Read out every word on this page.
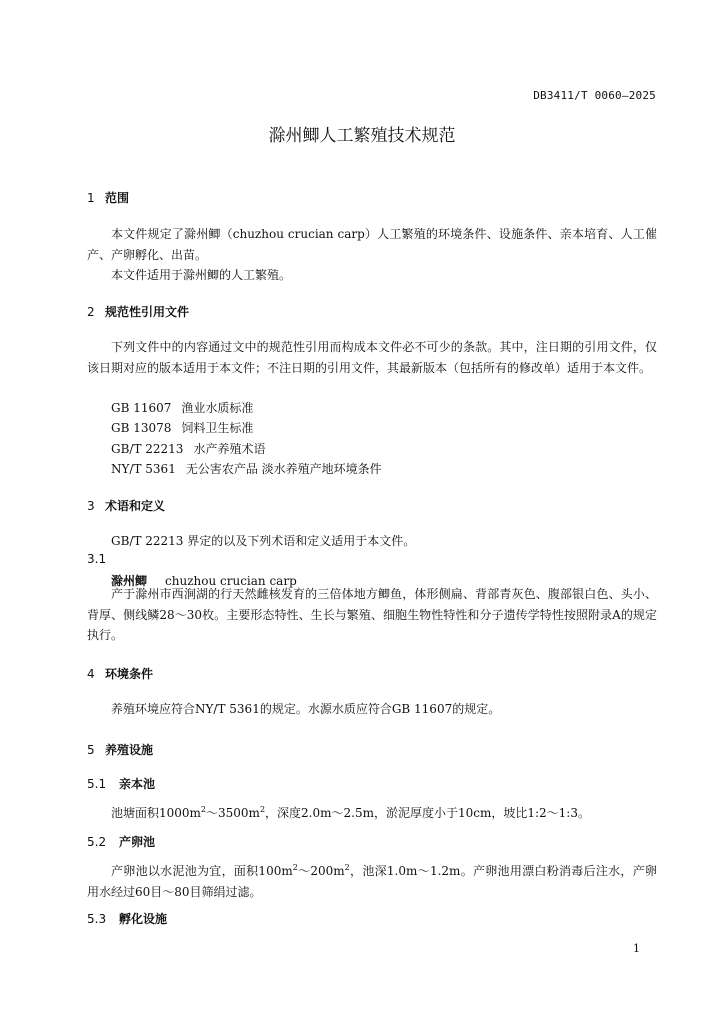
DB3411/T 0060—2025
滁州鲫人工繁殖技术规范
1 范围
本文件规定了滁州鲫（chuzhou crucian carp）人工繁殖的环境条件、设施条件、亲本培育、人工催产、产卵孵化、出苗。
本文件适用于滁州鲫的人工繁殖。
2 规范性引用文件
下列文件中的内容通过文中的规范性引用而构成本文件必不可少的条款。其中，注日期的引用文件，仅该日期对应的版本适用于本文件；不注日期的引用文件，其最新版本（包括所有的修改单）适用于本文件。
GB 11607 渔业水质标准
GB 13078 饲料卫生标准
GB/T 22213 水产养殖术语
NY/T 5361 无公害农产品 淡水养殖产地环境条件
3 术语和定义
GB/T 22213 界定的以及下列术语和定义适用于本文件。
3.1
滁州鲫 chuzhou crucian carp
产于滁州市西涧湖的行天然雌核发育的三倍体地方鲫鱼，体形侧扁、背部青灰色、腹部银白色、头小、背厚、侧线鳞28～30枚。主要形态特性、生长与繁殖、细胞生物性特性和分子遗传学特性按照附录A的规定执行。
4 环境条件
养殖环境应符合NY/T 5361的规定。水源水质应符合GB 11607的规定。
5 养殖设施
5.1 亲本池
池塘面积$1000m^2\sim 3500m^2$，深度2.0m～2.5m，淤泥厚度小于10cm，坡比1:2～1:3。
5.2 产卵池
产卵池以水泥池为宜，面积$100m^2\sim 200m^2$，池深1.0m～1.2m。产卵池用漂白粉消毒后注水，产卵用水经过60目～80目筛绢过滤。
5.3 孵化设施
1
